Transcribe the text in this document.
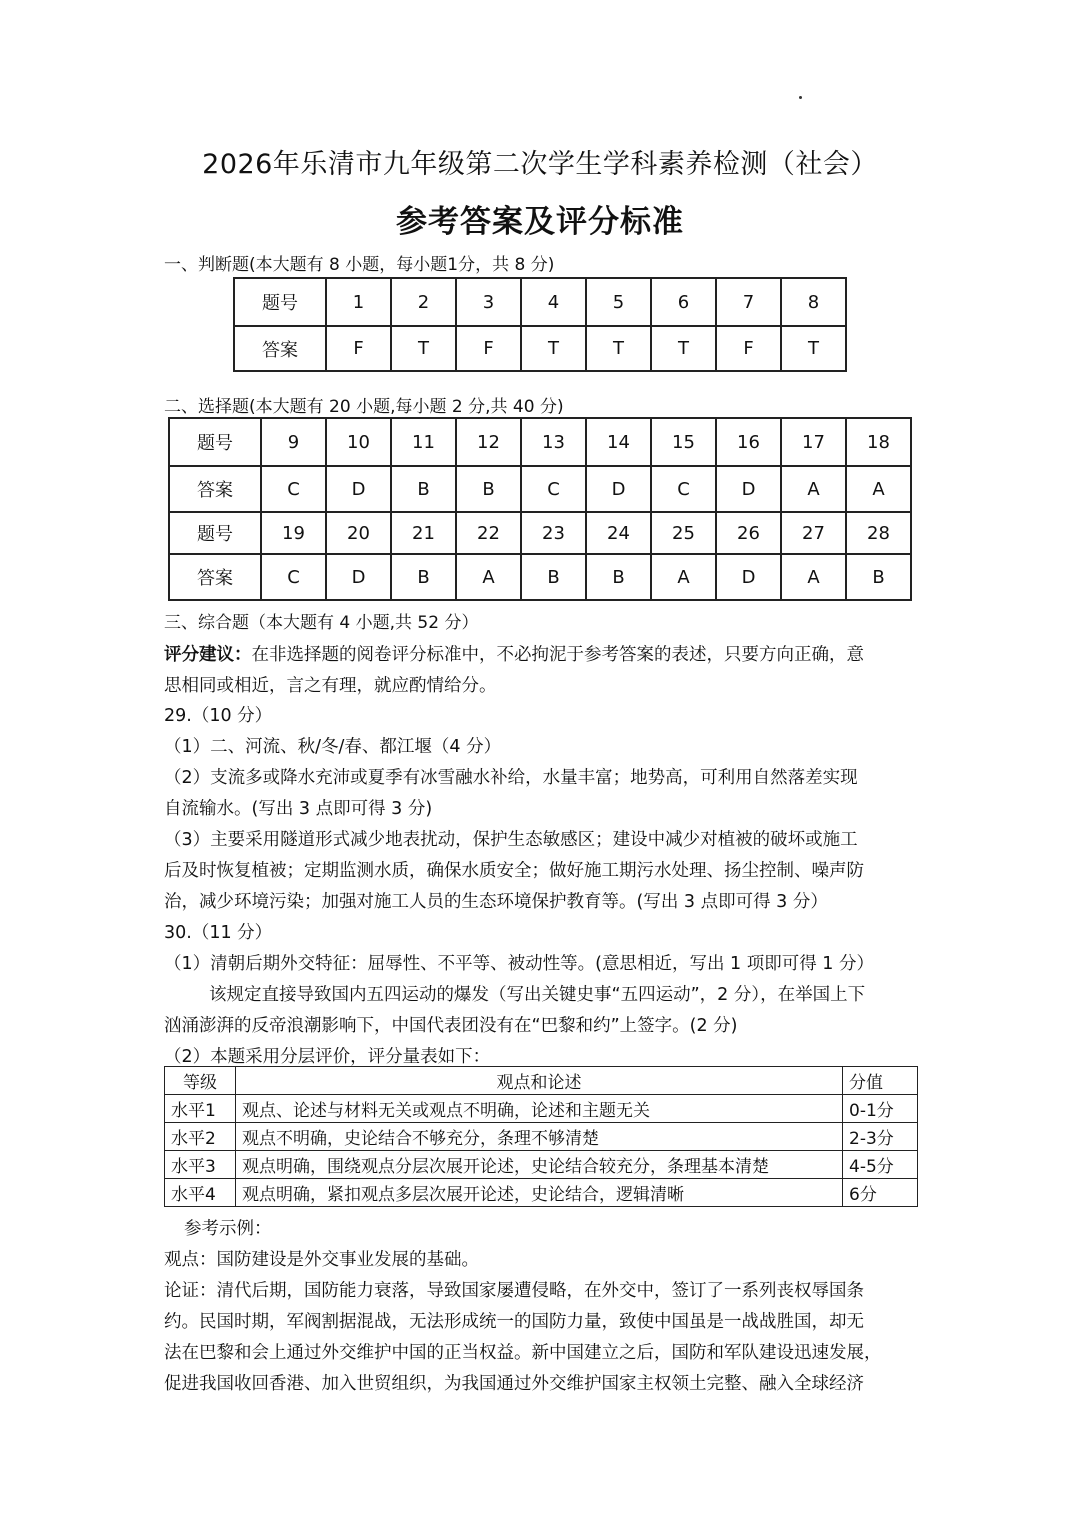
2026年乐清市九年级第二次学生学科素养检测（社会）
参考答案及评分标准
一、判断题(本大题有 8 小题，每小题1分，共 8 分)
题号	1	2	3	4	5	6	7	8
答案	F	T	F	T	T	T	F	T
二、选择题(本大题有 20 小题,每小题 2 分,共 40 分)
题号	9	10	11	12	13	14	15	16	17	18
答案	C	D	B	B	C	D	C	D	A	A
题号	19	20	21	22	23	24	25	26	27	28
答案	C	D	B	A	B	B	A	D	A	B
三、综合题（本大题有 4 小题,共 52 分）
评分建议：在非选择题的阅卷评分标准中，不必拘泥于参考答案的表述，只要方向正确，意
思相同或相近，言之有理，就应酌情给分。
29.（10 分）
（1）二、河流、秋/冬/春、都江堰（4 分）
（2）支流多或降水充沛或夏季有冰雪融水补给，水量丰富；地势高，可利用自然落差实现
自流输水。(写出 3 点即可得 3 分)
（3）主要采用隧道形式减少地表扰动，保护生态敏感区；建设中减少对植被的破坏或施工
后及时恢复植被；定期监测水质，确保水质安全；做好施工期污水处理、扬尘控制、噪声防
治，减少环境污染；加强对施工人员的生态环境保护教育等。(写出 3 点即可得 3 分）
30.（11 分）
（1）清朝后期外交特征：屈辱性、不平等、被动性等。(意思相近，写出 1 项即可得 1 分）
该规定直接导致国内五四运动的爆发（写出关键史事“五四运动”，2 分），在举国上下
汹涌澎湃的反帝浪潮影响下，中国代表团没有在“巴黎和约”上签字。(2 分)
（2）本题采用分层评价，评分量表如下：
等级	观点和论述	分值
水平1	观点、论述与材料无关或观点不明确，论述和主题无关	0-1分
水平2	观点不明确，史论结合不够充分，条理不够清楚	2-3分
水平3	观点明确，围绕观点分层次展开论述，史论结合较充分，条理基本清楚	4-5分
水平4	观点明确，紧扣观点多层次展开论述，史论结合，逻辑清晰	6分
参考示例：
观点：国防建设是外交事业发展的基础。
论证：清代后期，国防能力衰落，导致国家屡遭侵略，在外交中，签订了一系列丧权辱国条
约。民国时期，军阀割据混战，无法形成统一的国防力量，致使中国虽是一战战胜国，却无
法在巴黎和会上通过外交维护中国的正当权益。新中国建立之后，国防和军队建设迅速发展，
促进我国收回香港、加入世贸组织，为我国通过外交维护国家主权领土完整、融入全球经济
